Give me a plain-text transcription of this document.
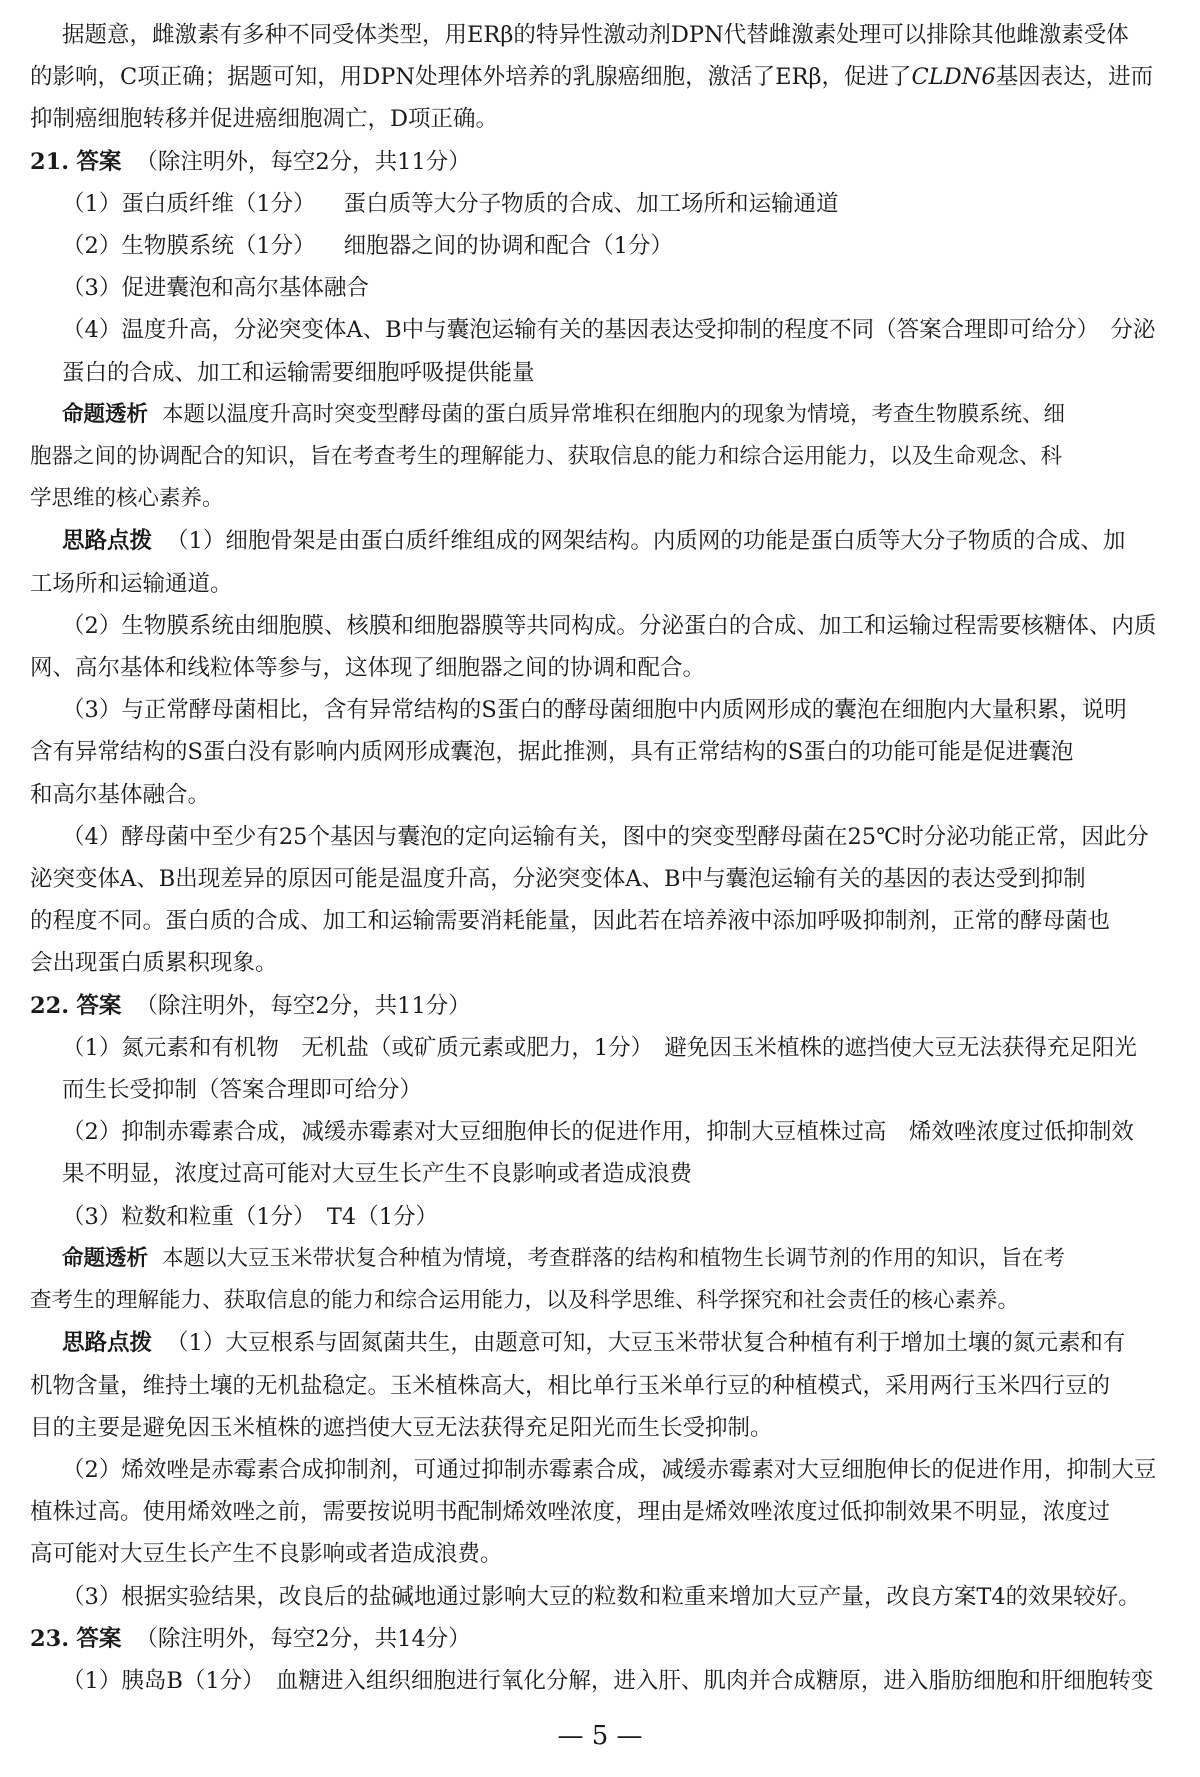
据题意，雌激素有多种不同受体类型，用ERβ的特异性激动剂DPN代替雌激素处理可以排除其他雌激素受体

的影响，C项正确；据题可知，用DPN处理体外培养的乳腺癌细胞，激活了ERβ，促进了CLDN6基因表达，进而

抑制癌细胞转移并促进癌细胞凋亡，D项正确。

21. 答案 （除注明外，每空2分，共11分）

（1）蛋白质纤维（1分） 蛋白质等大分子物质的合成、加工场所和运输通道

（2）生物膜系统（1分） 细胞器之间的协调和配合（1分）

（3）促进囊泡和高尔基体融合

（4）温度升高，分泌突变体A、B中与囊泡运输有关的基因表达受抑制的程度不同（答案合理即可给分）　分泌

蛋白的合成、加工和运输需要细胞呼吸提供能量

命题透析 本题以温度升高时突变型酵母菌的蛋白质异常堆积在细胞内的现象为情境，考查生物膜系统、细

胞器之间的协调配合的知识，旨在考查考生的理解能力、获取信息的能力和综合运用能力，以及生命观念、科

学思维的核心素养。

思路点拨 （1）细胞骨架是由蛋白质纤维组成的网架结构。内质网的功能是蛋白质等大分子物质的合成、加

工场所和运输通道。

（2）生物膜系统由细胞膜、核膜和细胞器膜等共同构成。分泌蛋白的合成、加工和运输过程需要核糖体、内质

网、高尔基体和线粒体等参与，这体现了细胞器之间的协调和配合。

（3）与正常酵母菌相比，含有异常结构的S蛋白的酵母菌细胞中内质网形成的囊泡在细胞内大量积累，说明

含有异常结构的S蛋白没有影响内质网形成囊泡，据此推测，具有正常结构的S蛋白的功能可能是促进囊泡

和高尔基体融合。

（4）酵母菌中至少有25个基因与囊泡的定向运输有关，图中的突变型酵母菌在25℃时分泌功能正常，因此分

泌突变体A、B出现差异的原因可能是温度升高，分泌突变体A、B中与囊泡运输有关的基因的表达受到抑制

的程度不同。蛋白质的合成、加工和运输需要消耗能量，因此若在培养液中添加呼吸抑制剂，正常的酵母菌也

会出现蛋白质累积现象。

22. 答案 （除注明外，每空2分，共11分）

（1）氮元素和有机物　无机盐（或矿质元素或肥力，1分）　避免因玉米植株的遮挡使大豆无法获得充足阳光

而生长受抑制（答案合理即可给分）

（2）抑制赤霉素合成，减缓赤霉素对大豆细胞伸长的促进作用，抑制大豆植株过高　烯效唑浓度过低抑制效

果不明显，浓度过高可能对大豆生长产生不良影响或者造成浪费

（3）粒数和粒重（1分）　T4（1分）

命题透析 本题以大豆玉米带状复合种植为情境，考查群落的结构和植物生长调节剂的作用的知识，旨在考

查考生的理解能力、获取信息的能力和综合运用能力，以及科学思维、科学探究和社会责任的核心素养。

思路点拨 （1）大豆根系与固氮菌共生，由题意可知，大豆玉米带状复合种植有利于增加土壤的氮元素和有

机物含量，维持土壤的无机盐稳定。玉米植株高大，相比单行玉米单行豆的种植模式，采用两行玉米四行豆的

目的主要是避免因玉米植株的遮挡使大豆无法获得充足阳光而生长受抑制。

（2）烯效唑是赤霉素合成抑制剂，可通过抑制赤霉素合成，减缓赤霉素对大豆细胞伸长的促进作用，抑制大豆

植株过高。使用烯效唑之前，需要按说明书配制烯效唑浓度，理由是烯效唑浓度过低抑制效果不明显，浓度过

高可能对大豆生长产生不良影响或者造成浪费。

（3）根据实验结果，改良后的盐碱地通过影响大豆的粒数和粒重来增加大豆产量，改良方案T4的效果较好。

23. 答案 （除注明外，每空2分，共14分）

（1）胰岛B（1分）　血糖进入组织细胞进行氧化分解，进入肝、肌肉并合成糖原，进入脂肪细胞和肝细胞转变

— 5 —
